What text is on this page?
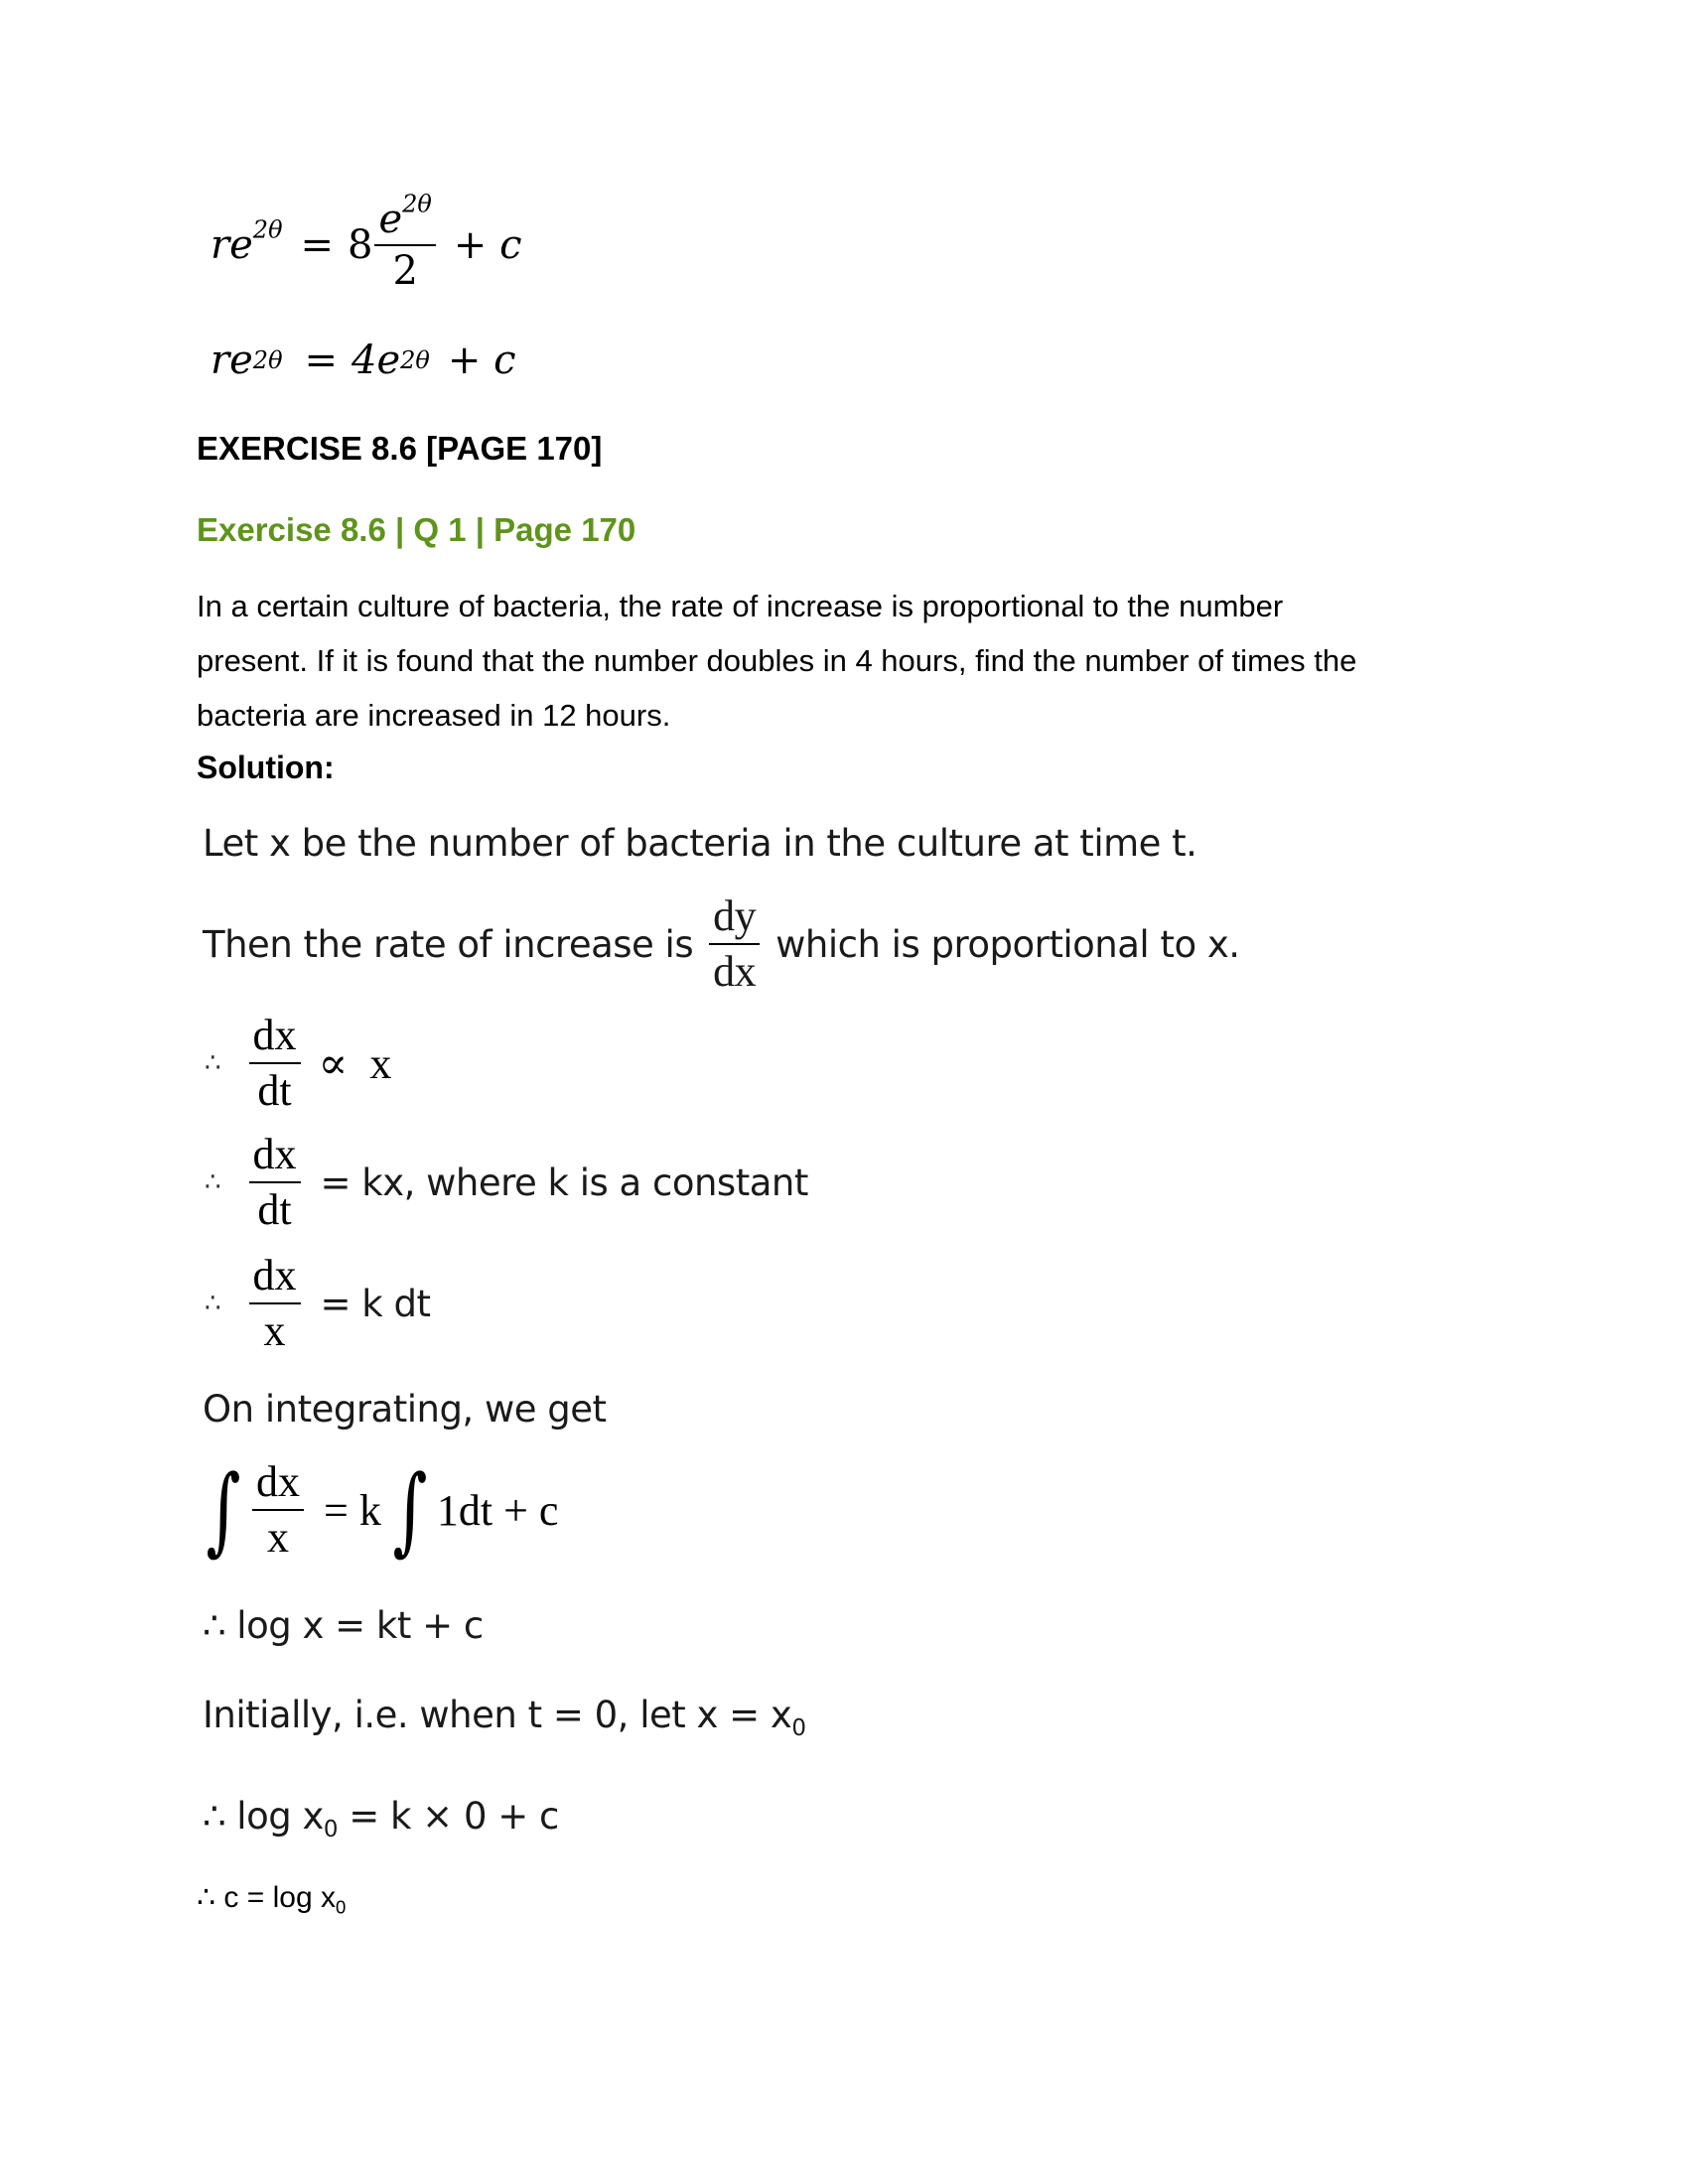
$re^{2\theta} = 8 \frac{e^{2\theta}}{2} + c$
re 2θ = 4e 2θ + c
EXERCISE 8.6 [PAGE 170]
Exercise 8.6 | Q 1 | Page 170
In a certain culture of bacteria, the rate of increase is proportional to the number
present. If it is found that the number doubles in 4 hours, find the number of times the
bacteria are increased in 12 hours.
Solution:
Let x be the number of bacteria in the culture at time t.
Then the rate of increase is $\frac{dy}{dx}$ which is proportional to x.
∴ $\frac{dx}{dt} \propto x$
∴ $\frac{dx}{dt}$ = kx, where k is a constant
∴ $\frac{dx}{x} = k$ dt
On integrating, we get
∫ $\frac{dx}{x} = k$ ∫ 1dt + c
∴ log x = kt + c
Initially, i.e. when t = 0, let $x = x_0$
∴ $\log x_0 = k \times 0 + c$
∴ $c = \log x_0$
